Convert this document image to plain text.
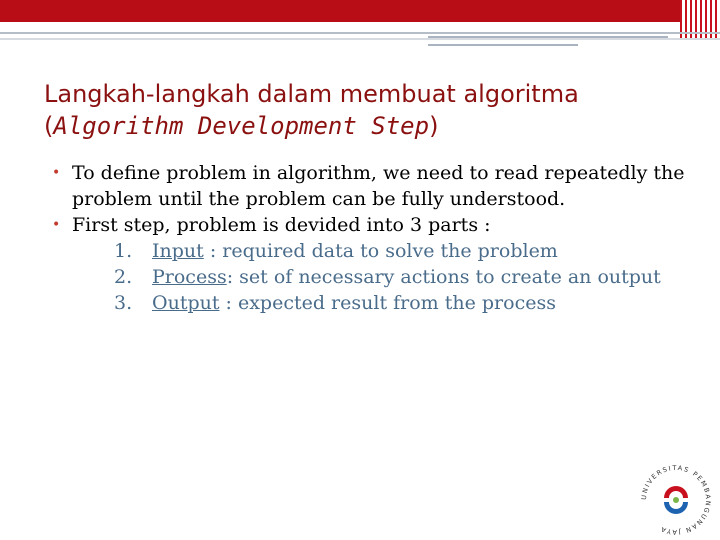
Langkah-langkah dalam membuat algoritma
(Algorithm Development Step)
• To define problem in algorithm, we need to read repeatedly the problem until the problem can be fully understood.
• First step, problem is devided into 3 parts :
1. Input : required data to solve the problem
2. Process: set of necessary actions to create an output
3. Output : expected result from the process
UNIVERSITAS PEMBANGUNAN JAYA
